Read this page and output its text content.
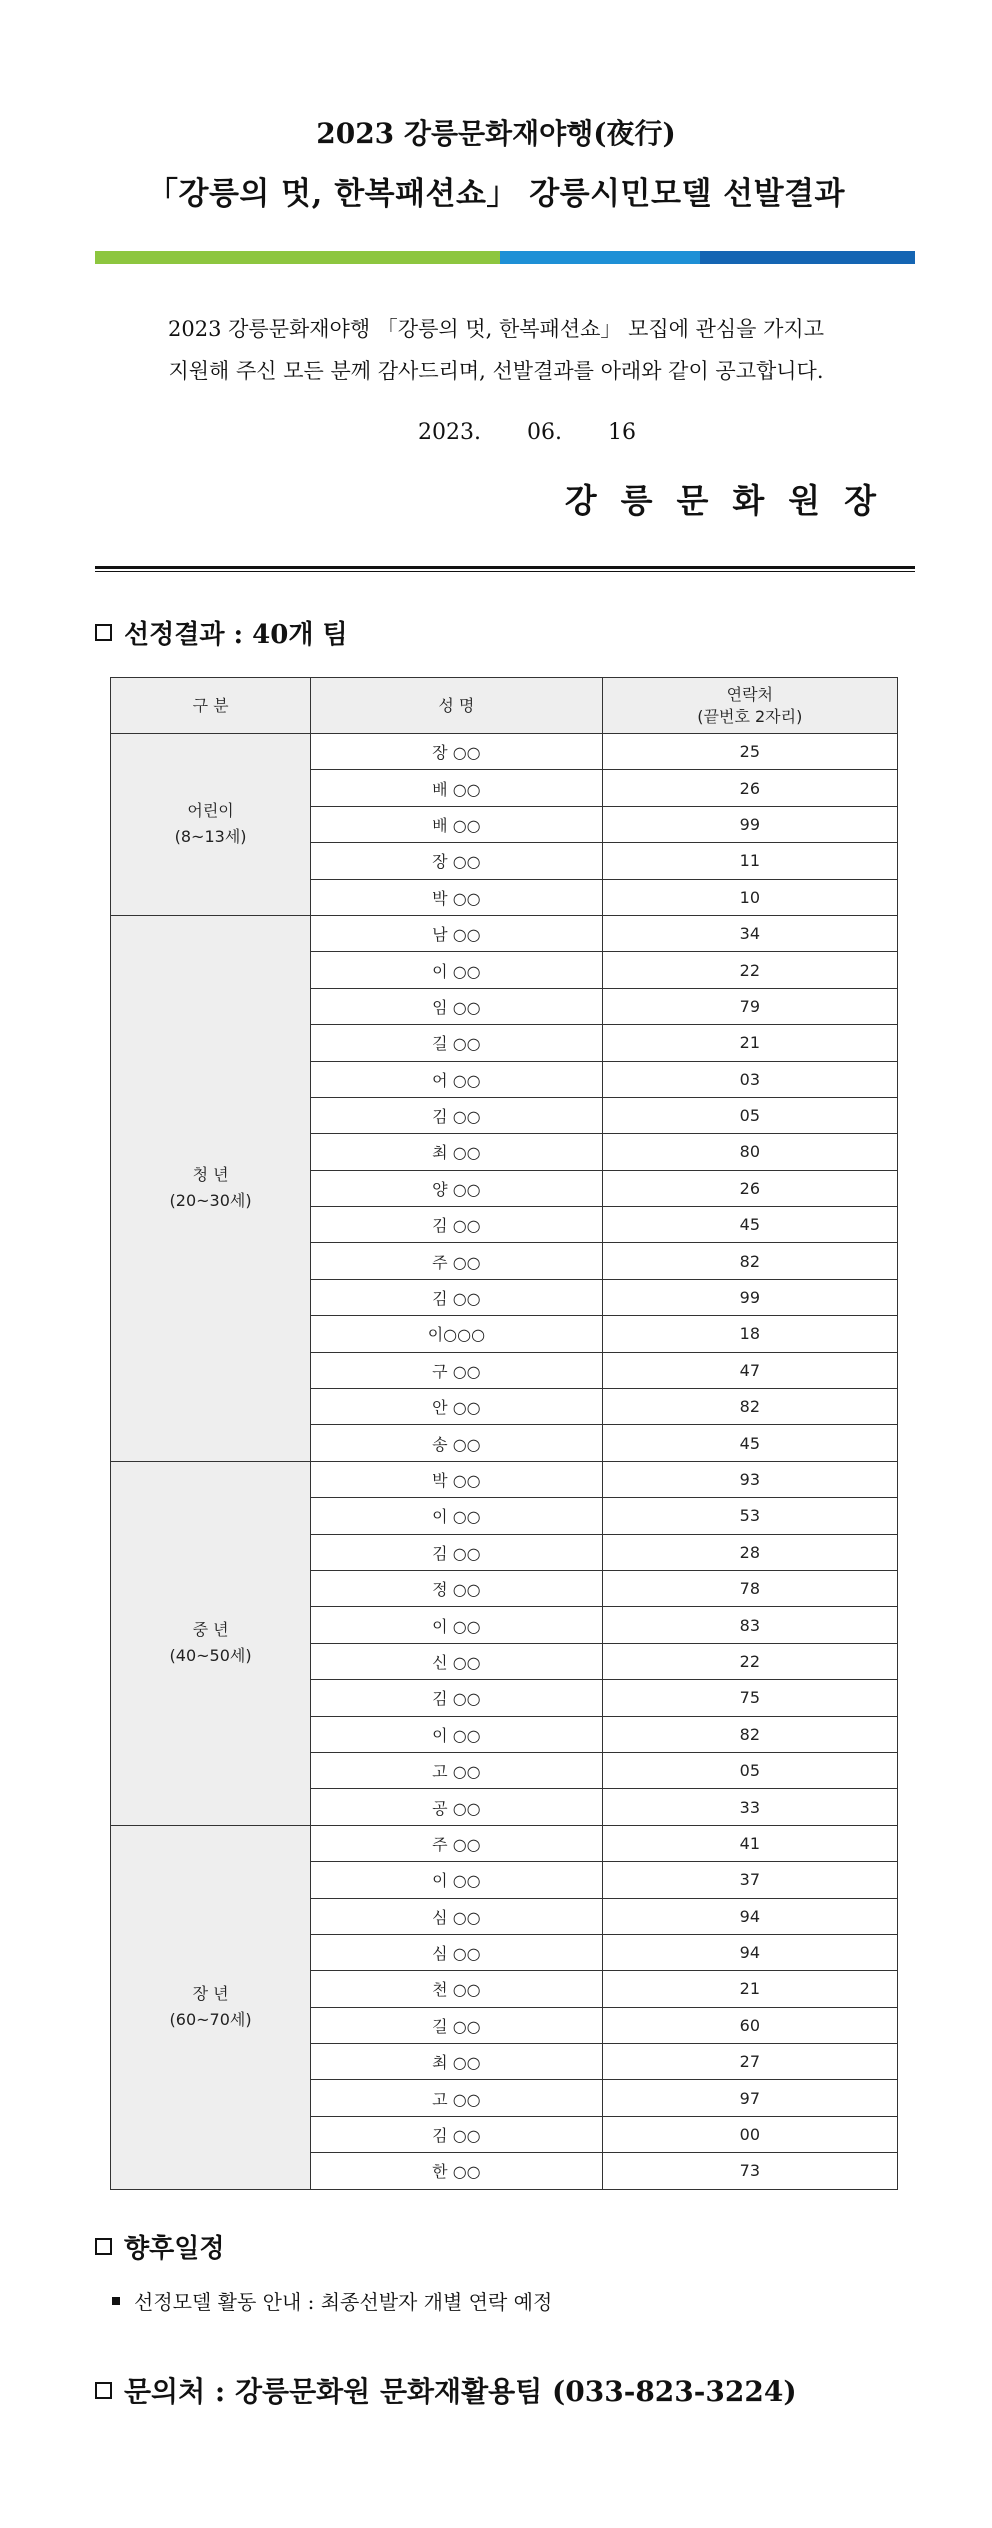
2023 강릉문화재야행(夜行)
「강릉의 멋, 한복패션쇼」 강릉시민모델 선발결과
2023 강릉문화재야행 「강릉의 멋, 한복패션쇼」 모집에 관심을 가지고
지원해 주신 모든 분께 감사드리며, 선발결과를 아래와 같이 공고합니다.
2023.  06.  16
강릉문화원장
선정결과 : 40개 팀
구 분	성 명	연락처
(끝번호 2자리)
어린이
(8~13세)	장 ○○	25
	배 ○○	26
	배 ○○	99
	장 ○○	11
	박 ○○	10
청 년
(20~30세)	남 ○○	34
	이 ○○	22
	임 ○○	79
	길 ○○	21
	어 ○○	03
	김 ○○	05
	최 ○○	80
	양 ○○	26
	김 ○○	45
	주 ○○	82
	김 ○○	99
	이○○○	18
	구 ○○	47
	안 ○○	82
	송 ○○	45
중 년
(40~50세)	박 ○○	93
	이 ○○	53
	김 ○○	28
	정 ○○	78
	이 ○○	83
	신 ○○	22
	김 ○○	75
	이 ○○	82
	고 ○○	05
	공 ○○	33
장 년
(60~70세)	주 ○○	41
	이 ○○	37
	심 ○○	94
	심 ○○	94
	천 ○○	21
	길 ○○	60
	최 ○○	27
	고 ○○	97
	김 ○○	00
	한 ○○	73
향후일정
선정모델 활동 안내 : 최종선발자 개별 연락 예정
문의처 : 강릉문화원 문화재활용팀 (033-823-3224)
